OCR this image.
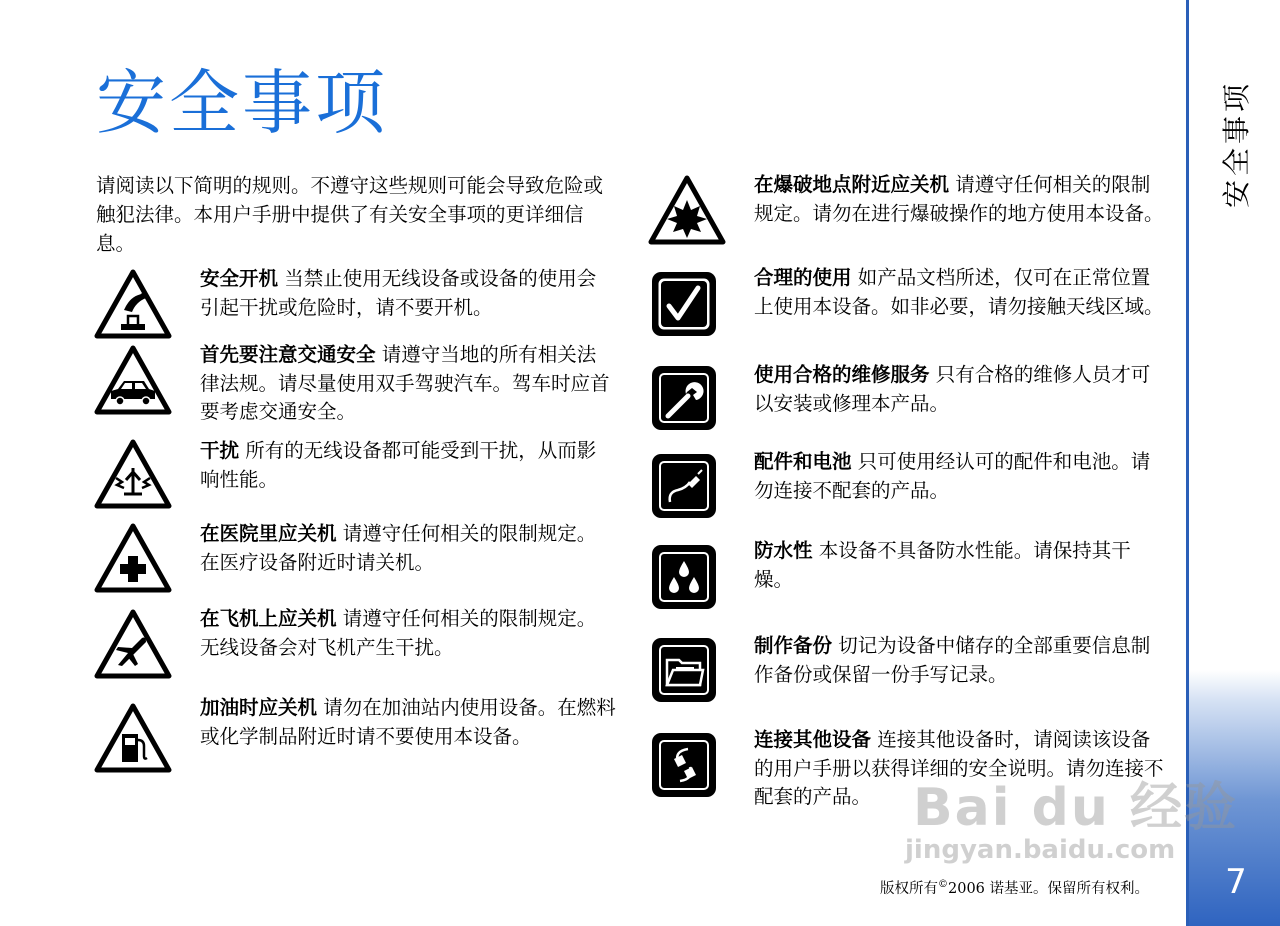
安全事项
7
安全事项
请阅读以下简明的规则。不遵守这些规则可能会导致危险或触犯法律。本用户手册中提供了有关安全事项的更详细信息。
安全开机 当禁止使用无线设备或设备的使用会引起干扰或危险时，请不要开机。
首先要注意交通安全 请遵守当地的所有相关法律法规。请尽量使用双手驾驶汽车。驾车时应首要考虑交通安全。
干扰 所有的无线设备都可能受到干扰，从而影响性能。
在医院里应关机 请遵守任何相关的限制规定。在医疗设备附近时请关机。
在飞机上应关机 请遵守任何相关的限制规定。无线设备会对飞机产生干扰。
加油时应关机 请勿在加油站内使用设备。在燃料或化学制品附近时请不要使用本设备。
在爆破地点附近应关机 请遵守任何相关的限制规定。请勿在进行爆破操作的地方使用本设备。
合理的使用 如产品文档所述，仅可在正常位置上使用本设备。如非必要，请勿接触天线区域。
使用合格的维修服务 只有合格的维修人员才可以安装或修理本产品。
配件和电池 只可使用经认可的配件和电池。请勿连接不配套的产品。
防水性 本设备不具备防水性能。请保持其干燥。
制作备份 切记为设备中储存的全部重要信息制作备份或保留一份手写记录。
连接其他设备 连接其他设备时，请阅读该设备的用户手册以获得详细的安全说明。请勿连接不配套的产品。 Bai du 经验
jingyan.baidu.com
版权所有©2006 诺基亚。保留所有权利。
